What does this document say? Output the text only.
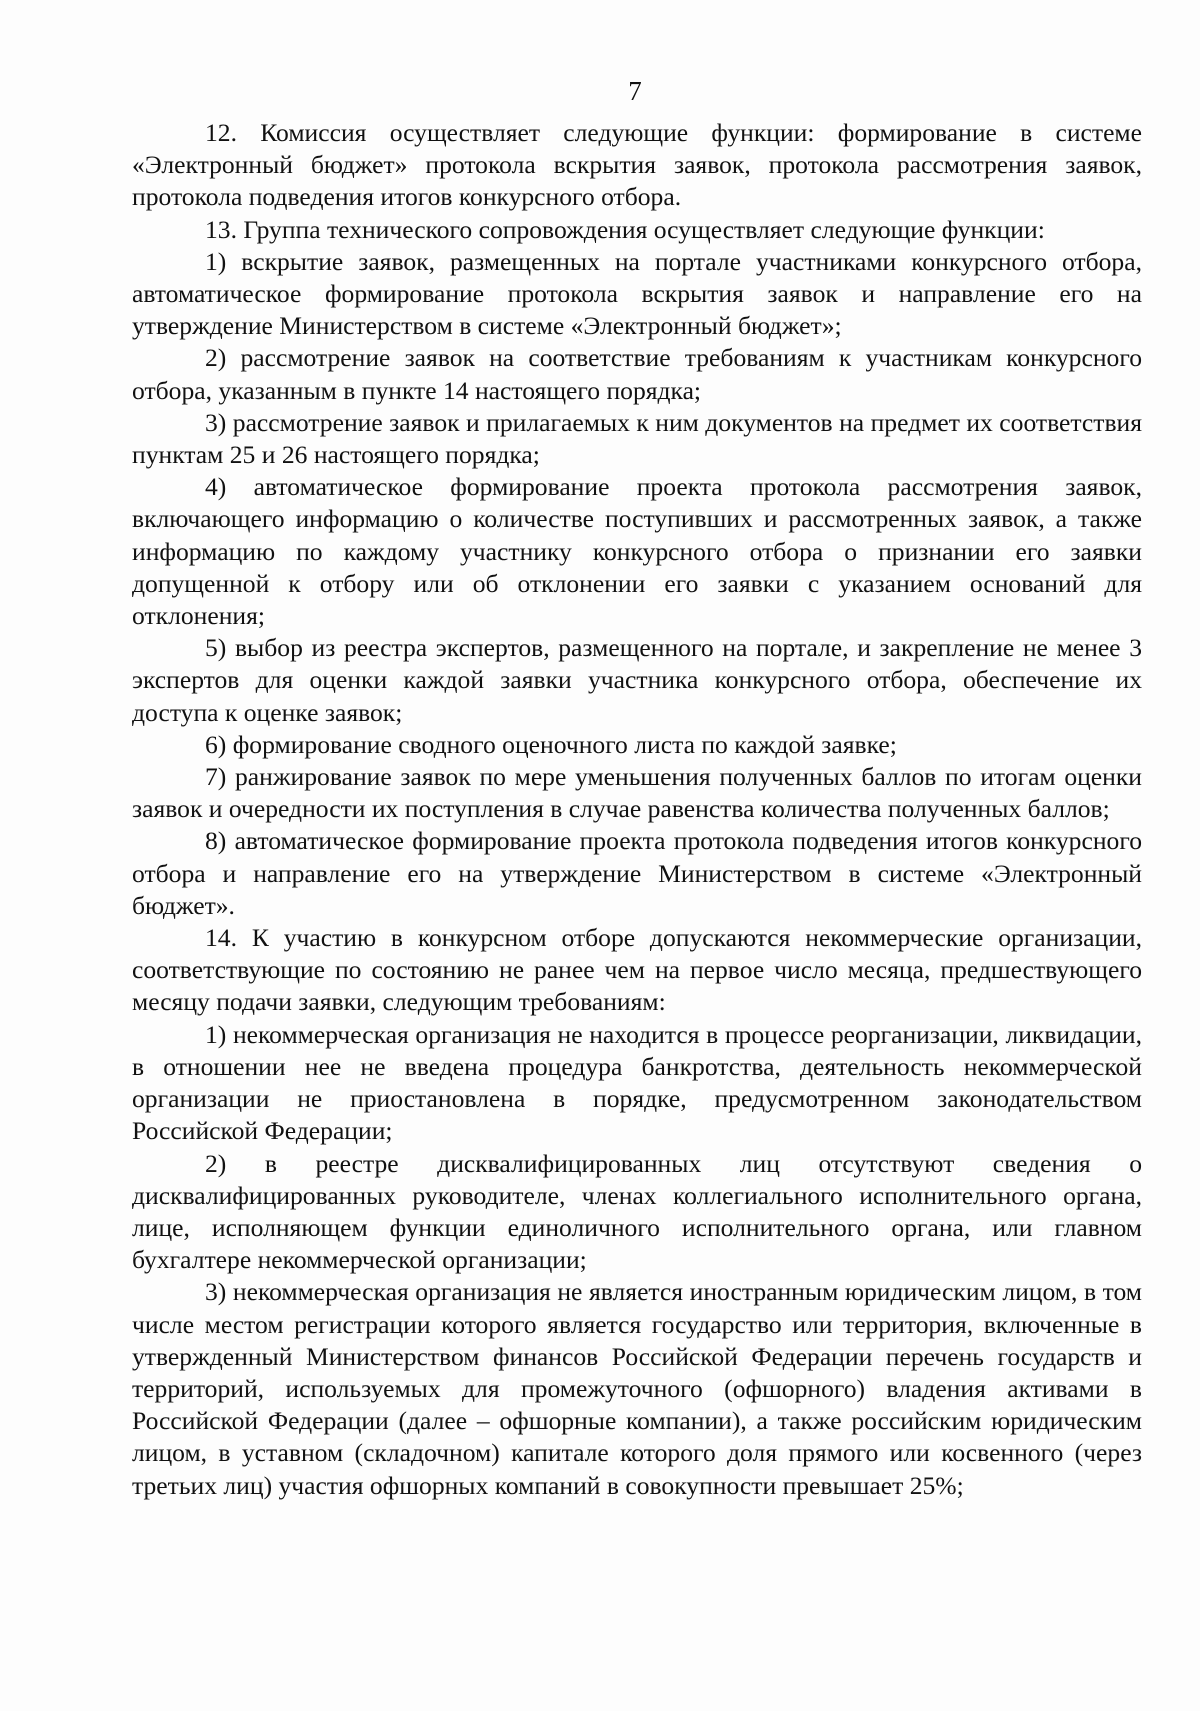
7

12. Комиссия осуществляет следующие функции: формирование в системе «Электронный бюджет» протокола вскрытия заявок, протокола рассмотрения заявок, протокола подведения итогов конкурсного отбора.

13. Группа технического сопровождения осуществляет следующие функции:

1) вскрытие заявок, размещенных на портале участниками конкурсного отбора, автоматическое формирование протокола вскрытия заявок и направление его на утверждение Министерством в системе «Электронный бюджет»;

2) рассмотрение заявок на соответствие требованиям к участникам конкурсного отбора, указанным в пункте 14 настоящего порядка;

3) рассмотрение заявок и прилагаемых к ним документов на предмет их соответствия пунктам 25 и 26 настоящего порядка;

4) автоматическое формирование проекта протокола рассмотрения заявок, включающего информацию о количестве поступивших и рассмотренных заявок, а также информацию по каждому участнику конкурсного отбора о признании его заявки допущенной к отбору или об отклонении его заявки с указанием оснований для отклонения;

5) выбор из реестра экспертов, размещенного на портале, и закрепление не менее 3 экспертов для оценки каждой заявки участника конкурсного отбора, обеспечение их доступа к оценке заявок;

6) формирование сводного оценочного листа по каждой заявке;

7) ранжирование заявок по мере уменьшения полученных баллов по итогам оценки заявок и очередности их поступления в случае равенства количества полученных баллов;

8) автоматическое формирование проекта протокола подведения итогов конкурсного отбора и направление его на утверждение Министерством в системе «Электронный бюджет».

14. К участию в конкурсном отборе допускаются некоммерческие организации, соответствующие по состоянию не ранее чем на первое число месяца, предшествующего месяцу подачи заявки, следующим требованиям:

1) некоммерческая организация не находится в процессе реорганизации, ликвидации, в отношении нее не введена процедура банкротства, деятельность некоммерческой организации не приостановлена в порядке, предусмотренном законодательством Российской Федерации;

2) в реестре дисквалифицированных лиц отсутствуют сведения о дисквалифицированных руководителе, членах коллегиального исполнительного органа, лице, исполняющем функции единоличного исполнительного органа, или главном бухгалтере некоммерческой организации;

3) некоммерческая организация не является иностранным юридическим лицом, в том числе местом регистрации которого является государство или территория, включенные в утвержденный Министерством финансов Российской Федерации перечень государств и территорий, используемых для промежуточного (офшорного) владения активами в Российской Федерации (далее – офшорные компании), а также российским юридическим лицом, в уставном (складочном) капитале которого доля прямого или косвенного (через третьих лиц) участия офшорных компаний в совокупности превышает 25%;
